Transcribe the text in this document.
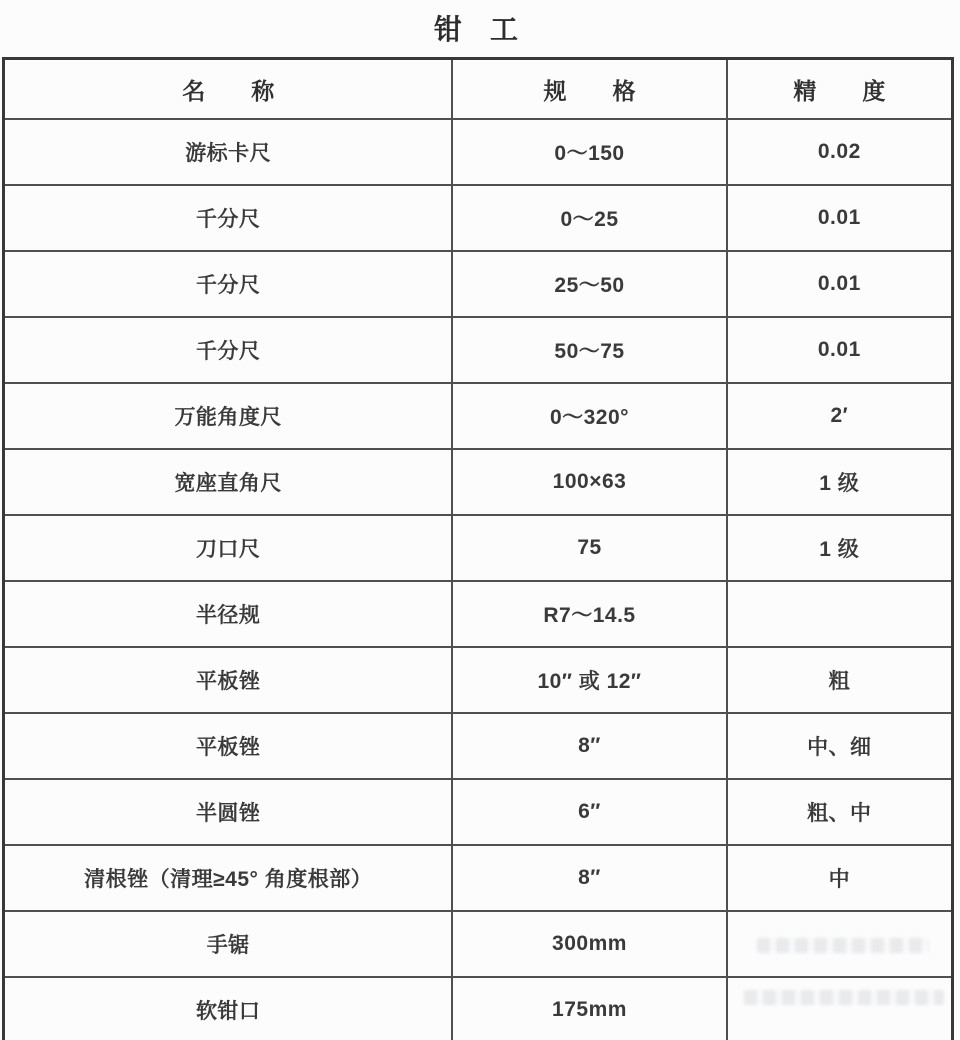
钳　工
名　　称	规　　格	精　　度
游标卡尺	0～150	0.02
千分尺	0～25	0.01
千分尺	25～50	0.01
千分尺	50～75	0.01
万能角度尺	0～320°	2′
宽座直角尺	100×63	1 级
刀口尺	75	1 级
半径规	R7～14.5	
平板锉	10″ 或 12″	粗
平板锉	8″	中、细
半圆锉	6″	粗、中
清根锉（清理≥45° 角度根部）	8″	中
手锯	300mm	
软钳口	175mm	
